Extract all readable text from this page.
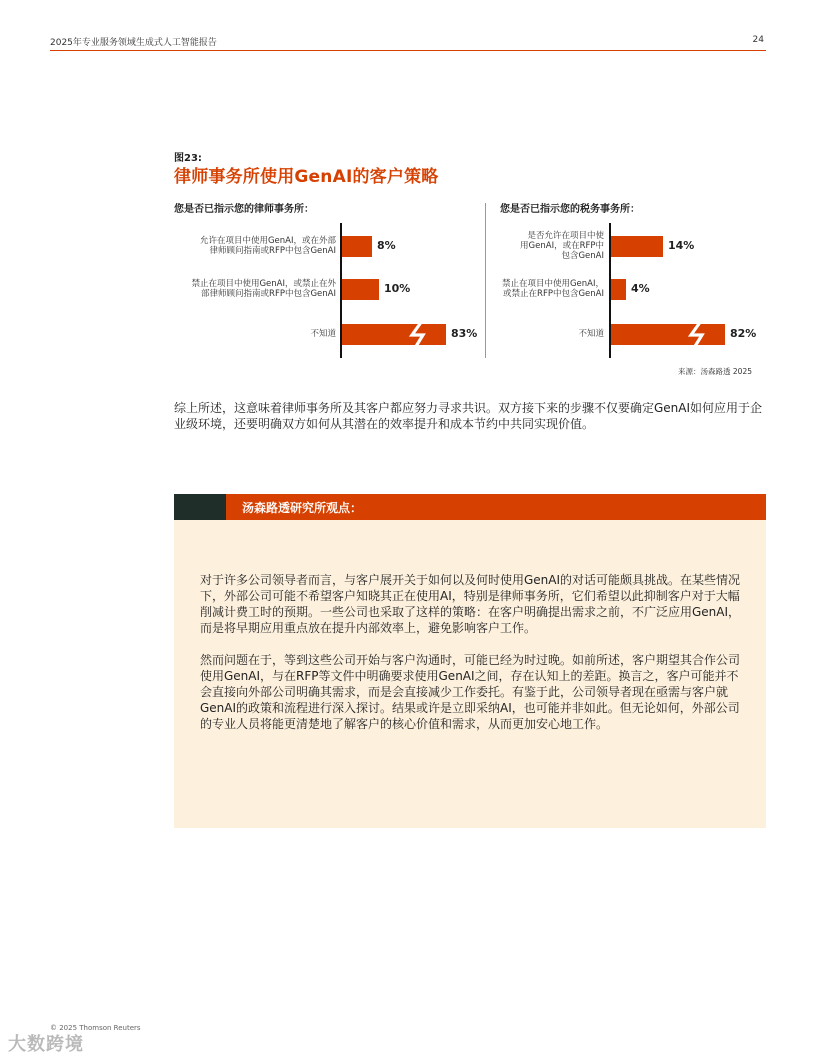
2025年专业服务领域生成式人工智能报告	24
图23:
律师事务所使用GenAI的客户策略
您是否已指示您的律师事务所：
允许在项目中使用GenAI，或在外部
律师顾问指南或RFP中包含GenAI	8%
禁止在项目中使用GenAI，或禁止在外
部律师顾问指南或RFP中包含GenAI	10%
不知道	83%
您是否已指示您的税务事务所：
是否允许在项目中使
用GenAI，或在RFP中
包含GenAI
14%
禁止在项目中使用GenAI，
或禁止在RFP中包含GenAI 4%
不知道	82%
来源：汤森路透 2025

综上所述，这意味着律师事务所及其客户都应努力寻求共识。双方接下来的步骤不仅要确定GenAI如何应用于企业级环境，还要明确双方如何从其潜在的效率提升和成本节约中共同实现价值。

汤森路透研究所观点：

对于许多公司领导者而言，与客户展开关于如何以及何时使用GenAI的对话可能颇具挑战。在某些情况下，外部公司可能不希望客户知晓其正在使用AI，特别是律师事务所，它们希望以此抑制客户对于大幅削减计费工时的预期。一些公司也采取了这样的策略：在客户明确提出需求之前，不广泛应用GenAI，而是将早期应用重点放在提升内部效率上，避免影响客户工作。

然而问题在于，等到这些公司开始与客户沟通时，可能已经为时过晚。如前所述，客户期望其合作公司使用GenAI，与在RFP等文件中明确要求使用GenAI之间，存在认知上的差距。换言之，客户可能并不会直接向外部公司明确其需求，而是会直接减少工作委托。有鉴于此，公司领导者现在亟需与客户就GenAI的政策和流程进行深入探讨。结果或许是立即采纳AI，也可能并非如此。但无论如何，外部公司的专业人员将能更清楚地了解客户的核心价值和需求，从而更加安心地工作。

© 2025 Thomson Reuters
大数跨境
